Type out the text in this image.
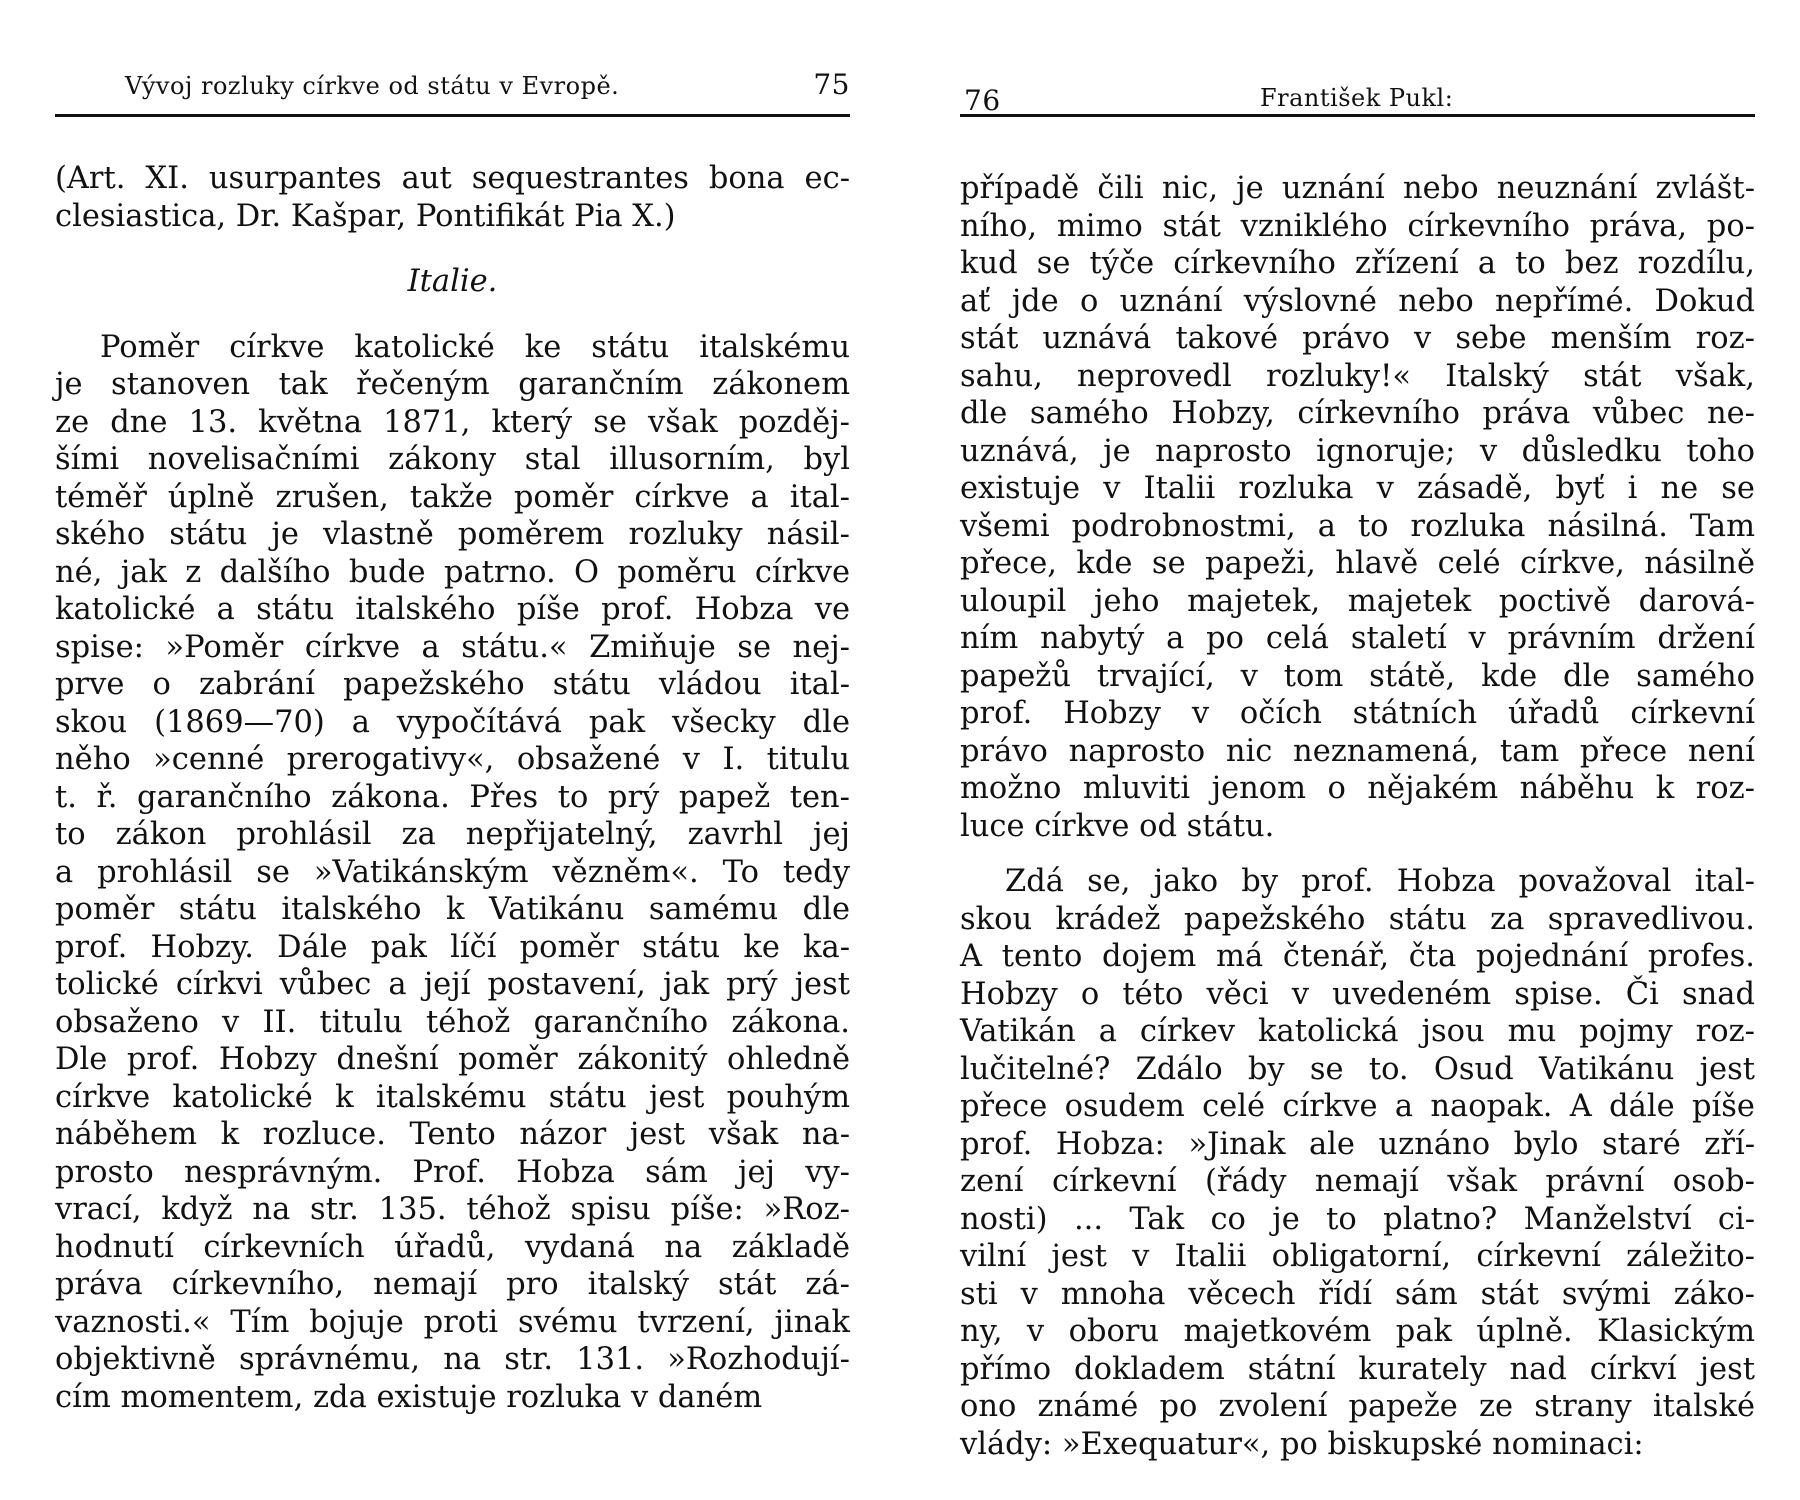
Vývoj rozluky církve od státu v Evropě.	75
(Art. XI. usurpantes aut sequestrantes bona ec-
clesiastica, Dr. Kašpar, Pontifikát Pia X.)
Italie.
Poměr církve katolické ke státu italskému
je stanoven tak řečeným garančním zákonem
ze dne 13. května 1871, který se však pozděj-
šími novelisačními zákony stal illusorním, byl
téměř úplně zrušen, takže poměr církve a ital-
ského státu je vlastně poměrem rozluky násil-
né, jak z dalšího bude patrno. O poměru církve
katolické a státu italského píše prof. Hobza ve
spise: »Poměr církve a státu.« Zmiňuje se nej-
prve o zabrání papežského státu vládou ital-
skou (1869—70) a vypočítává pak všecky dle
něho »cenné prerogativy«, obsažené v I. titulu
t. ř. garančního zákona. Přes to prý papež ten-
to zákon prohlásil za nepřijatelný, zavrhl jej
a prohlásil se »Vatikánským vězněm«. To tedy
poměr státu italského k Vatikánu samému dle
prof. Hobzy. Dále pak líčí poměr státu ke ka-
tolické církvi vůbec a její postavení, jak prý jest
obsaženo v II. titulu téhož garančního zákona.
Dle prof. Hobzy dnešní poměr zákonitý ohledně
církve katolické k italskému státu jest pouhým
náběhem k rozluce. Tento názor jest však na-
prosto nesprávným. Prof. Hobza sám jej vy-
vrací, když na str. 135. téhož spisu píše: »Roz-
hodnutí církevních úřadů, vydaná na základě
práva církevního, nemají pro italský stát zá-
vaznosti.« Tím bojuje proti svému tvrzení, jinak
objektivně správnému, na str. 131. »Rozhodují-
cím momentem, zda existuje rozluka v daném
76	František Pukl:
případě čili nic, je uznání nebo neuznání zvlášt-
ního, mimo stát vzniklého církevního práva, po-
kud se týče církevního zřízení a to bez rozdílu,
ať jde o uznání výslovné nebo nepřímé. Dokud
stát uznává takové právo v sebe menším roz-
sahu, neprovedl rozluky!« Italský stát však,
dle samého Hobzy, církevního práva vůbec ne-
uznává, je naprosto ignoruje; v důsledku toho
existuje v Italii rozluka v zásadě, byť i ne se
všemi podrobnostmi, a to rozluka násilná. Tam
přece, kde se papeži, hlavě celé církve, násilně
uloupil jeho majetek, majetek poctivě darová-
ním nabytý a po celá staletí v právním držení
papežů trvající, v tom státě, kde dle samého
prof. Hobzy v očích státních úřadů církevní
právo naprosto nic neznamená, tam přece není
možno mluviti jenom o nějakém náběhu k roz-
luce církve od státu.
Zdá se, jako by prof. Hobza považoval ital-
skou krádež papežského státu za spravedlivou.
A tento dojem má čtenář, čta pojednání profes.
Hobzy o této věci v uvedeném spise. Či snad
Vatikán a církev katolická jsou mu pojmy roz-
lučitelné? Zdálo by se to. Osud Vatikánu jest
přece osudem celé církve a naopak. A dále píše
prof. Hobza: »Jinak ale uznáno bylo staré zří-
zení církevní (řády nemají však právní osob-
nosti) ... Tak co je to platno? Manželství ci-
vilní jest v Italii obligatorní, církevní záležito-
sti v mnoha věcech řídí sám stát svými záko-
ny, v oboru majetkovém pak úplně. Klasickým
přímo dokladem státní kurately nad církví jest
ono známé po zvolení papeže ze strany italské
vlády: »Exequatur«, po biskupské nominaci:
